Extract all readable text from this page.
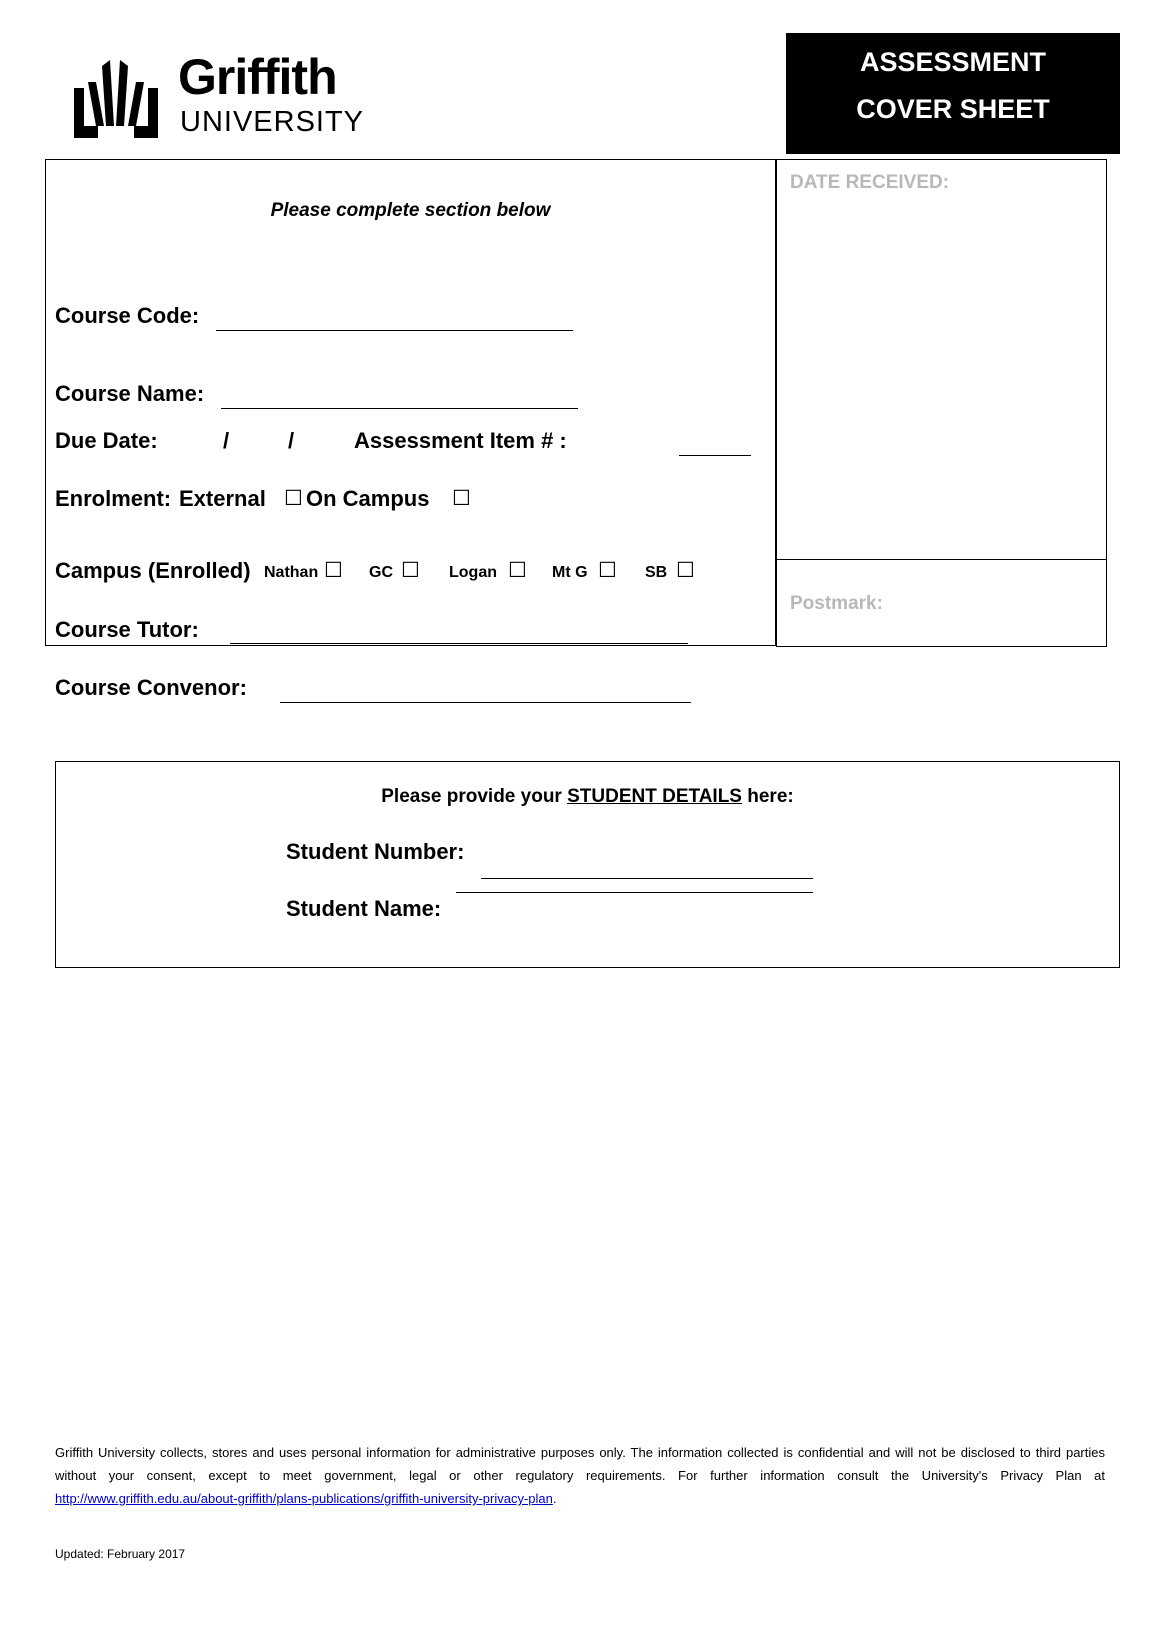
Griffith
UNIVERSITY
ASSESSMENT
COVER SHEET
DATE RECEIVED:
Postmark:
Please complete section below
Course Code:
Course Name:
Due Date:	/	/	Assessment Item # :
Enrolment: External ☐ On Campus ☐
Campus (Enrolled) Nathan ☐ GC ☐ Logan ☐ Mt G ☐ SB ☐
Course Tutor:
Course Convenor:
Please provide your STUDENT DETAILS here:
Student Number:
Student Name:
Griffith University collects, stores and uses personal information for administrative purposes only. The information collected is confidential and will not be disclosed to third parties without your consent, except to meet government, legal or other regulatory requirements. For further information consult the University's Privacy Plan at http://www.griffith.edu.au/about-griffith/plans-publications/griffith-university-privacy-plan.
Updated: February 2017
